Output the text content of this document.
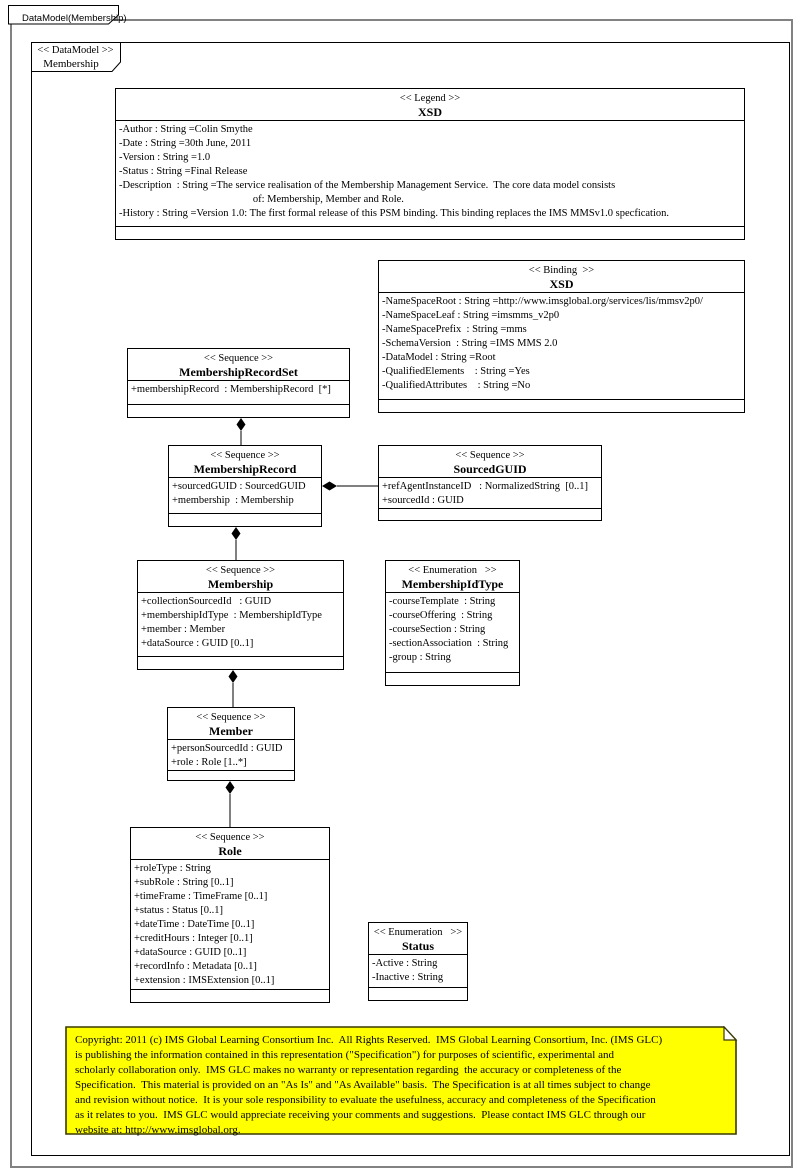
DataModel(Membership)
<< DataModel >>
Membership
<< Legend >>
XSD
-Author : String =Colin Smythe
-Date : String =30th June, 2011
-Version : String =1.0
-Status : String =Final Release
-Description  : String =The service realisation of the Membership Management Service.  The core data model consists
of: Membership, Member and Role.
-History : String =Version 1.0: The first formal release of this PSM binding. This binding replaces the IMS MMSv1.0 specfication.
<< Binding  >>
XSD
-NameSpaceRoot : String =http://www.imsglobal.org/services/lis/mmsv2p0/
-NameSpaceLeaf : String =imsmms_v2p0
-NameSpacePrefix  : String =mms
-SchemaVersion  : String =IMS MMS 2.0
-DataModel : String =Root
-QualifiedElements    : String =Yes
-QualifiedAttributes    : String =No
<< Sequence >>
MembershipRecordSet
+membershipRecord  : MembershipRecord  [*]
<< Sequence >>
MembershipRecord
+sourcedGUID : SourcedGUID
+membership  : Membership
<< Sequence >>
SourcedGUID
+refAgentInstanceID   : NormalizedString  [0..1]
+sourcedId : GUID
<< Sequence >>
Membership
+collectionSourcedId   : GUID
+membershipIdType  : MembershipIdType
+member : Member
+dataSource : GUID [0..1]
<< Enumeration   >>
MembershipIdType
-courseTemplate  : String
-courseOffering  : String
-courseSection : String
-sectionAssociation  : String
-group : String
<< Sequence >>
Member
+personSourcedId : GUID
+role : Role [1..*]
<< Sequence >>
Role
+roleType : String
+subRole : String [0..1]
+timeFrame : TimeFrame [0..1]
+status : Status [0..1]
+dateTime : DateTime [0..1]
+creditHours : Integer [0..1]
+dataSource : GUID [0..1]
+recordInfo : Metadata [0..1]
+extension : IMSExtension [0..1]
<< Enumeration   >>
Status
-Active : String
-Inactive : String
Copyright: 2011 (c) IMS Global Learning Consortium Inc.  All Rights Reserved.  IMS Global Learning Consortium, Inc. (IMS GLC)
is publishing the information contained in this representation ("Specification") for purposes of scientific, experimental and
scholarly collaboration only.  IMS GLC makes no warranty or representation regarding  the accuracy or completeness of the
Specification.  This material is provided on an "As Is" and "As Available" basis.  The Specification is at all times subject to change
and revision without notice.  It is your sole responsibility to evaluate the usefulness, accuracy and completeness of the Specification
as it relates to you.  IMS GLC would appreciate receiving your comments and suggestions.  Please contact IMS GLC through our
website at: http://www.imsglobal.org.
